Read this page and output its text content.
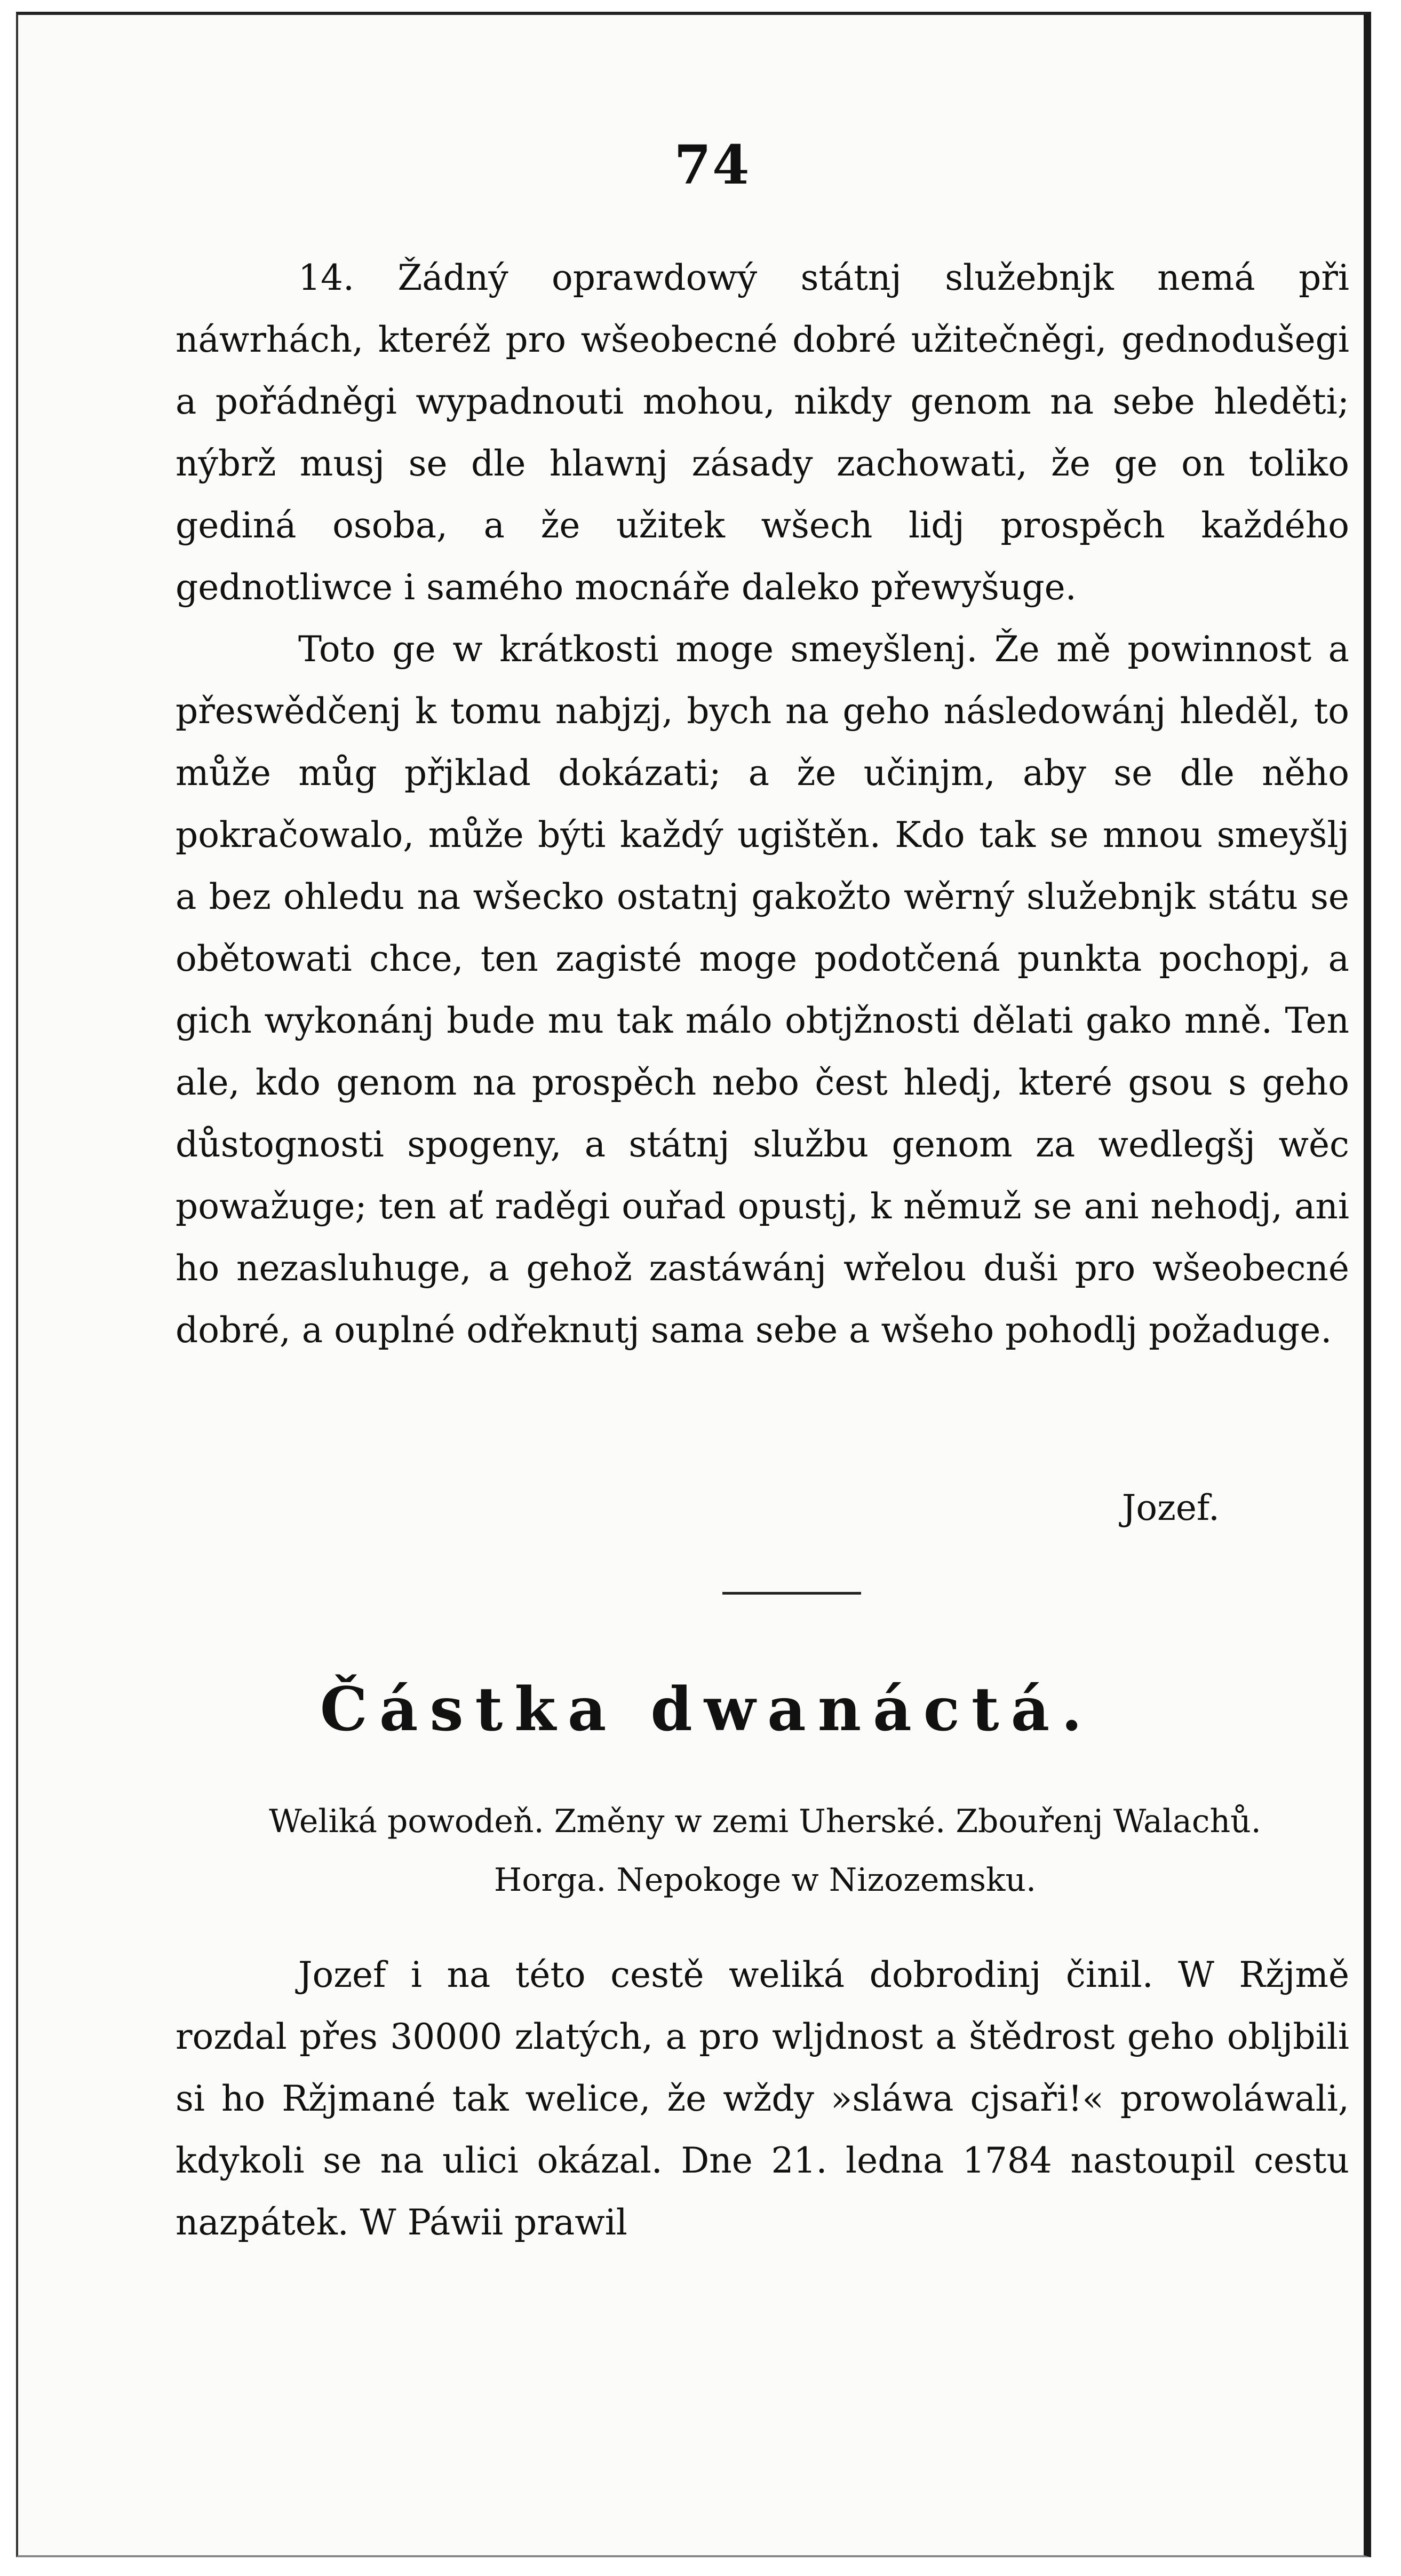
74

14. Žádný oprawdowý státnj služebnjk nemá při náwrhách, kteréž pro wšeobecné dobré užitečněgi, gednodušegi a pořádněgi wypadnouti mohou, nikdy genom na sebe hleděti; nýbrž musj se dle hlawnj zásady zachowati, že ge on toliko gediná osoba, a že užitek wšech lidj prospěch každého gednotliwce i samého mocnáře daleko přewyšuge.

Toto ge w krátkosti moge smeyšlenj. Že mě powinnost a přeswědčenj k tomu nabjzj, bych na geho následowánj hleděl, to může můg přjklad dokázati; a že učinjm, aby se dle něho pokračowalo, může býti každý ugištěn. Kdo tak se mnou smeyšlj a bez ohledu na wšecko ostatnj gakožto wěrný služebnjk státu se obětowati chce, ten zagisté moge podotčená punkta pochopj, a gich wykonánj bude mu tak málo obtjžnosti dělati gako mně. Ten ale, kdo genom na prospěch nebo čest hledj, které gsou s geho důstognosti spogeny, a státnj službu genom za wedlegšj wěc powažuge; ten ať raděgi ouřad opustj, k němuž se ani nehodj, ani ho nezasluhuge, a gehož zastáwánj wřelou duši pro wšeobecné dobré, a ouplné odřeknutj sama sebe a wšeho pohodlj požaduge.

Jozef.
Částka dwanáctá.
Weliká powodeň. Změny w zemi Uherské. Zbouřenj Walachů.
Horga. Nepokoge w Nizozemsku.

Jozef i na této cestě weliká dobrodinj činil. W Ržjmě rozdal přes 30000 zlatých, a pro wljdnost a štědrost geho obljbili si ho Ržjmané tak welice, že wždy »sláwa cjsaři!« prowoláwali, kdykoli se na ulici okázal. Dne 21. ledna 1784 nastoupil cestu nazpátek. W Páwii prawil
